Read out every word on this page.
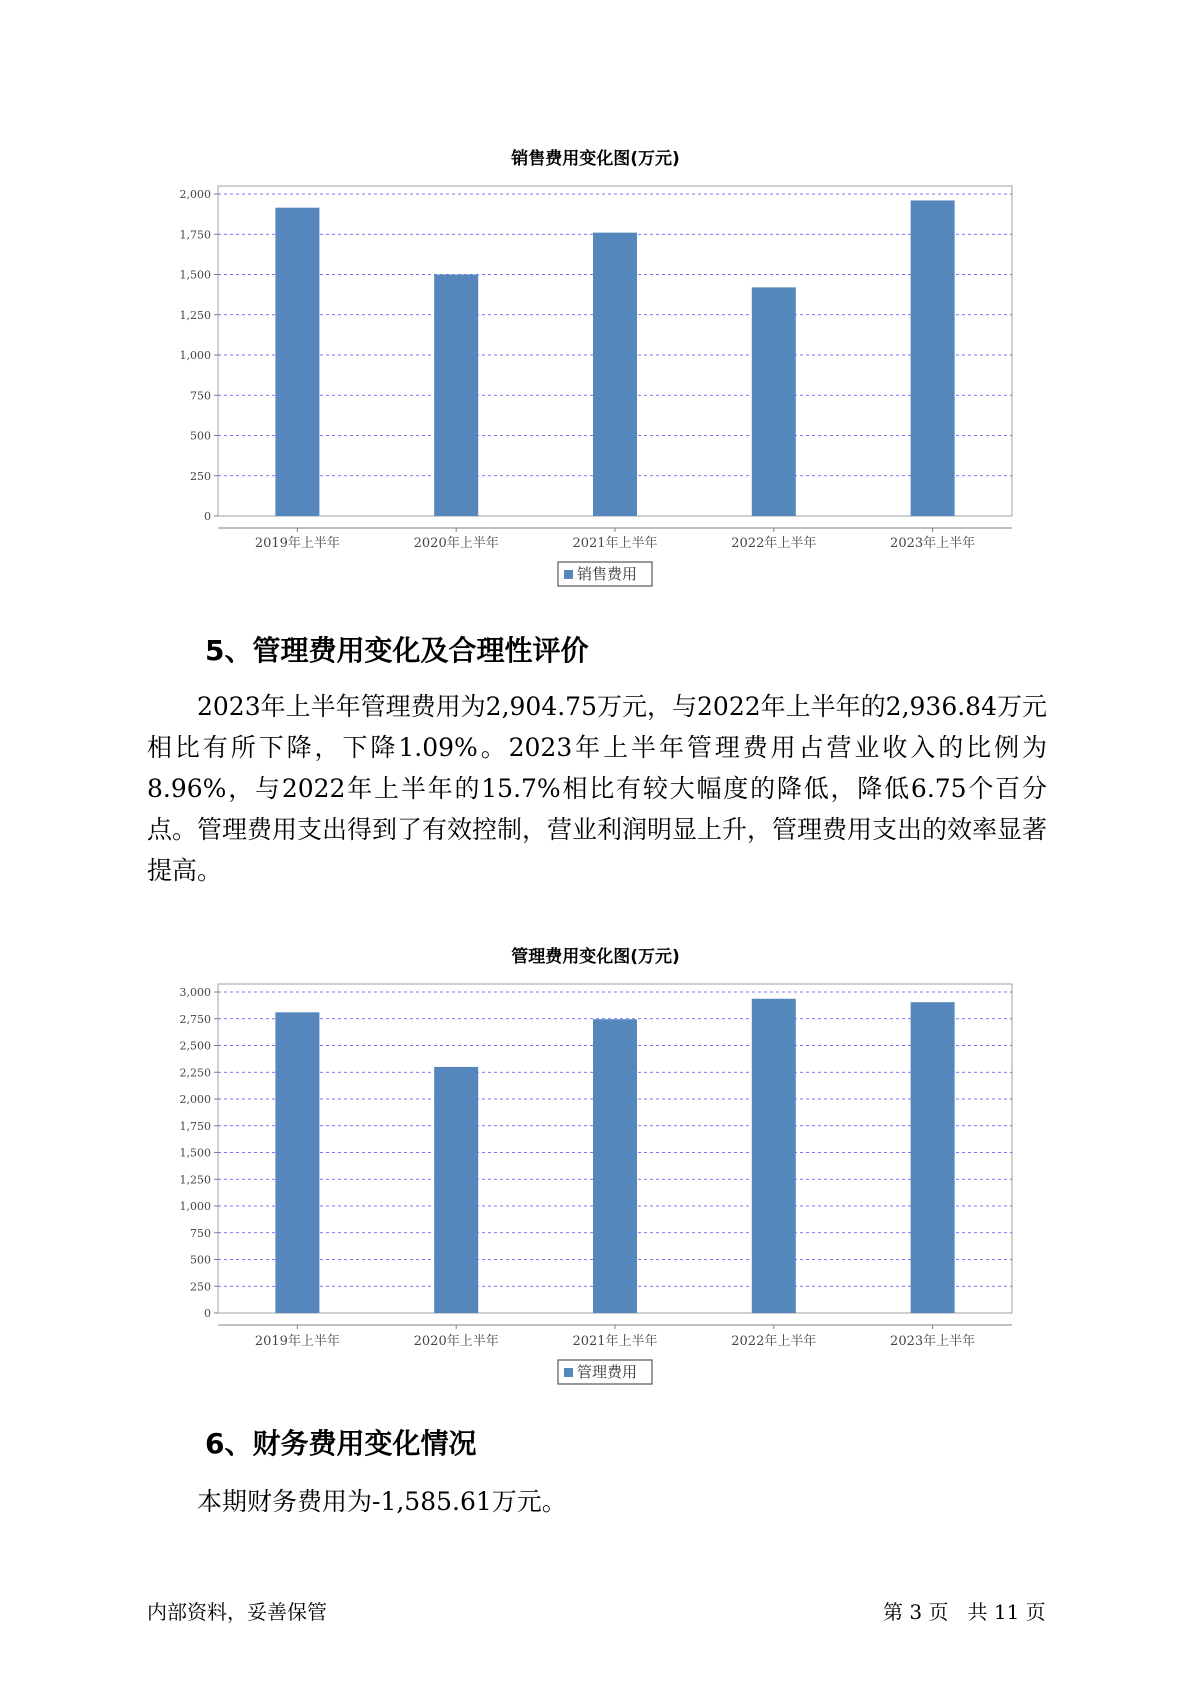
销售费用变化图(万元)
0
250
500
750
1,000
1,250
1,500
1,750
2,000
2019年上半年	2020年上半年	2021年上半年	2022年上半年	2023年上半年
销售费用
5、管理费用变化及合理性评价
2023年上半年管理费用为2,904.75万元，与2022年上半年的2,936.84万元相比有所下降，下降1.09%。2023年上半年管理费用占营业收入的比例为8.96%，与2022年上半年的15.7%相比有较大幅度的降低，降低6.75个百分点。管理费用支出得到了有效控制，营业利润明显上升，管理费用支出的效率显著提高。
管理费用变化图(万元)
0
250
500
750
1,000
1,250
1,500
1,750
2,000
2,250
2,500
2,750
3,000
2019年上半年	2020年上半年	2021年上半年	2022年上半年	2023年上半年
管理费用
6、财务费用变化情况
本期财务费用为-1,585.61万元。
内部资料，妥善保管	第 3 页   共 11 页
